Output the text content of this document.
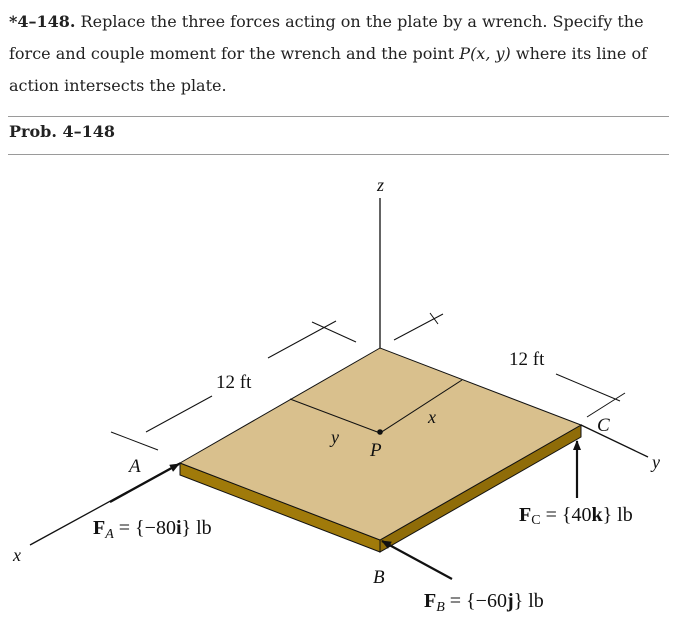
*4–148. Replace the three forces acting on the plate by a wrench. Specify the force and couple moment for the wrench and the point P(x, y) where its line of action intersects the plate.
Prob. 4–148
z
x
y
12 ft
12 ft
A
B
C
P
x
y
$F_A = \{-80i\}$ lb
$F_B = \{-60j\}$ lb
FC = {40k} lb
